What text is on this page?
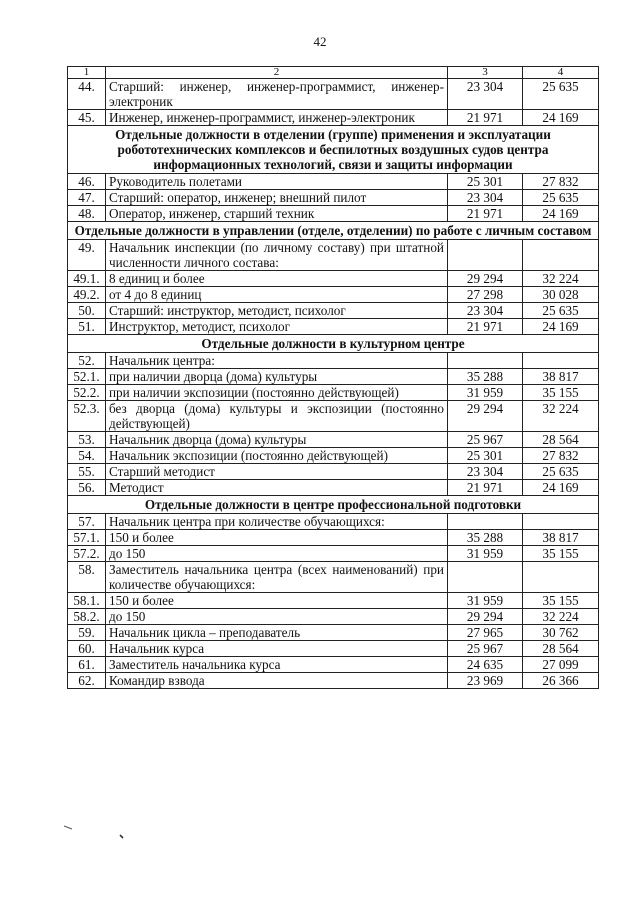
42
1	2	3	4
44.	Старший: инженер, инженер-программист, инженер-электроник	23 304	25 635
45.	Инженер, инженер-программист, инженер-электроник	21 971	24 169
Отдельные должности в отделении (группе) применения и эксплуатации робототехнических комплексов и беспилотных воздушных судов центра информационных технологий, связи и защиты информации			
46.	Руководитель полетами	25 301	27 832
47.	Старший: оператор, инженер; внешний пилот	23 304	25 635
48.	Оператор, инженер, старший техник	21 971	24 169
Отдельные должности в управлении (отделе, отделении) по работе с личным составом			
49.	Начальник инспекции (по личному составу) при штатной численности личного состава:		
49.1.	8 единиц и более	29 294	32 224
49.2.	от 4 до 8 единиц	27 298	30 028
50.	Старший: инструктор, методист, психолог	23 304	25 635
51.	Инструктор, методист, психолог	21 971	24 169
Отдельные должности в культурном центре			
52.	Начальник центра:		
52.1.	при наличии дворца (дома) культуры	35 288	38 817
52.2.	при наличии экспозиции (постоянно действующей)	31 959	35 155
52.3.	без дворца (дома) культуры и экспозиции (постоянно действующей)	29 294	32 224
53.	Начальник дворца (дома) культуры	25 967	28 564
54.	Начальник экспозиции (постоянно действующей)	25 301	27 832
55.	Старший методист	23 304	25 635
56.	Методист	21 971	24 169
Отдельные должности в центре профессиональной подготовки			
57.	Начальник центра при количестве обучающихся:		
57.1.	150 и более	35 288	38 817
57.2.	до 150	31 959	35 155
58.	Заместитель начальника центра (всех наименований) при количестве обучающихся:		
58.1.	150 и более	31 959	35 155
58.2.	до 150	29 294	32 224
59.	Начальник цикла – преподаватель	27 965	30 762
60.	Начальник курса	25 967	28 564
61.	Заместитель начальника курса	24 635	27 099
62.	Командир взвода	23 969	26 366
